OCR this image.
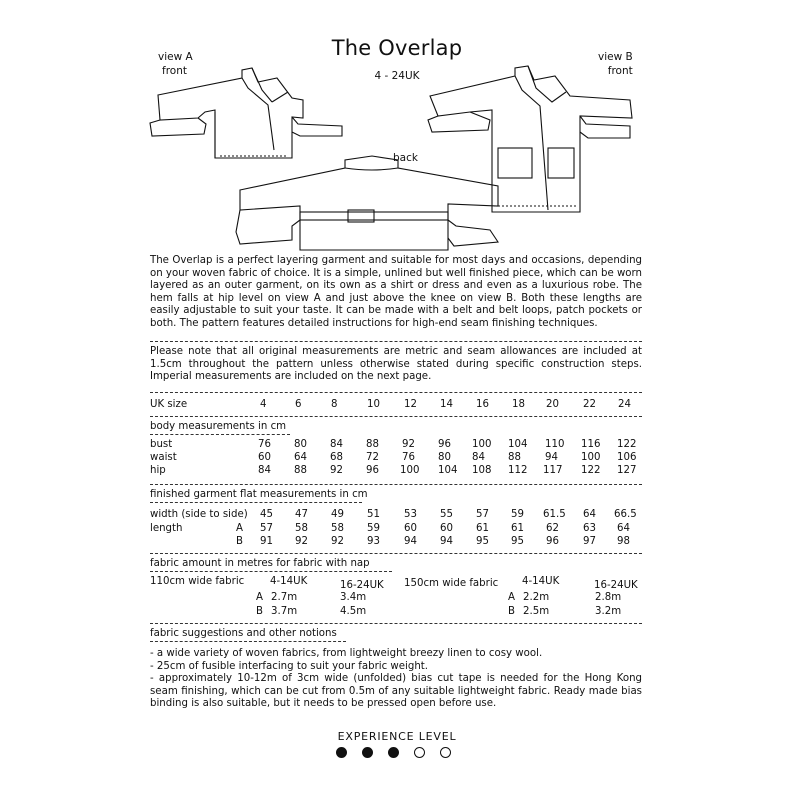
The Overlap
4 - 24UK
view A
front
view B
front
back
The Overlap is a perfect layering garment and suitable for most days and occasions, depending on your woven fabric of choice. It is a simple, unlined but well finished piece, which can be worn layered as an outer garment, on its own as a shirt or dress and even as a luxurious robe. The hem falls at hip level on view A and just above the knee on view B. Both these lengths are easily adjustable to suit your taste. It can be made with a belt and belt loops, patch pockets or both. The pattern features detailed instructions for high-end seam finishing techniques.
Please note that all original measurements are metric and seam allowances are included at 1.5cm throughout the pattern unless otherwise stated during specific construction steps. Imperial measurements are included on the next page.
UK size	4	6	8	10 12 14 16 18 20 22 24
body measurements in cm
bust	76 80 84 88 92 96 100 104 110 116 122
waist	60 64 68 72 76 80 84 88 94 100 106
hip	84 88 92 96 100 104 108 112 117 122 127
finished garment flat measurements in cm
width (side to side) 45 47 49 51 53 55 57 59 61.5 64 66.5
length	A 57 58 58 59 60 60 61 61 62 63 64
B 91 92 92 93 94 94 95 95 96 97 98
fabric amount in metres for fabric with nap
110cm wide fabric	4-14UK	16-24UK 150cm wide fabric 4-14UK	16-24UK
A 2.7m	3.4m	A 2.2m	2.8m
B 3.7m	4.5m	B 2.5m	3.2m
fabric suggestions and other notions
- a wide variety of woven fabrics, from lightweight breezy linen to cosy wool.
- 25cm of fusible interfacing to suit your fabric weight.
- approximately 10-12m of 3cm wide (unfolded) bias cut tape is needed for the Hong Kong seam finishing, which can be cut from 0.5m of any suitable lightweight fabric. Ready made bias binding is also suitable, but it needs to be pressed open before use.
EXPERIENCE LEVEL
